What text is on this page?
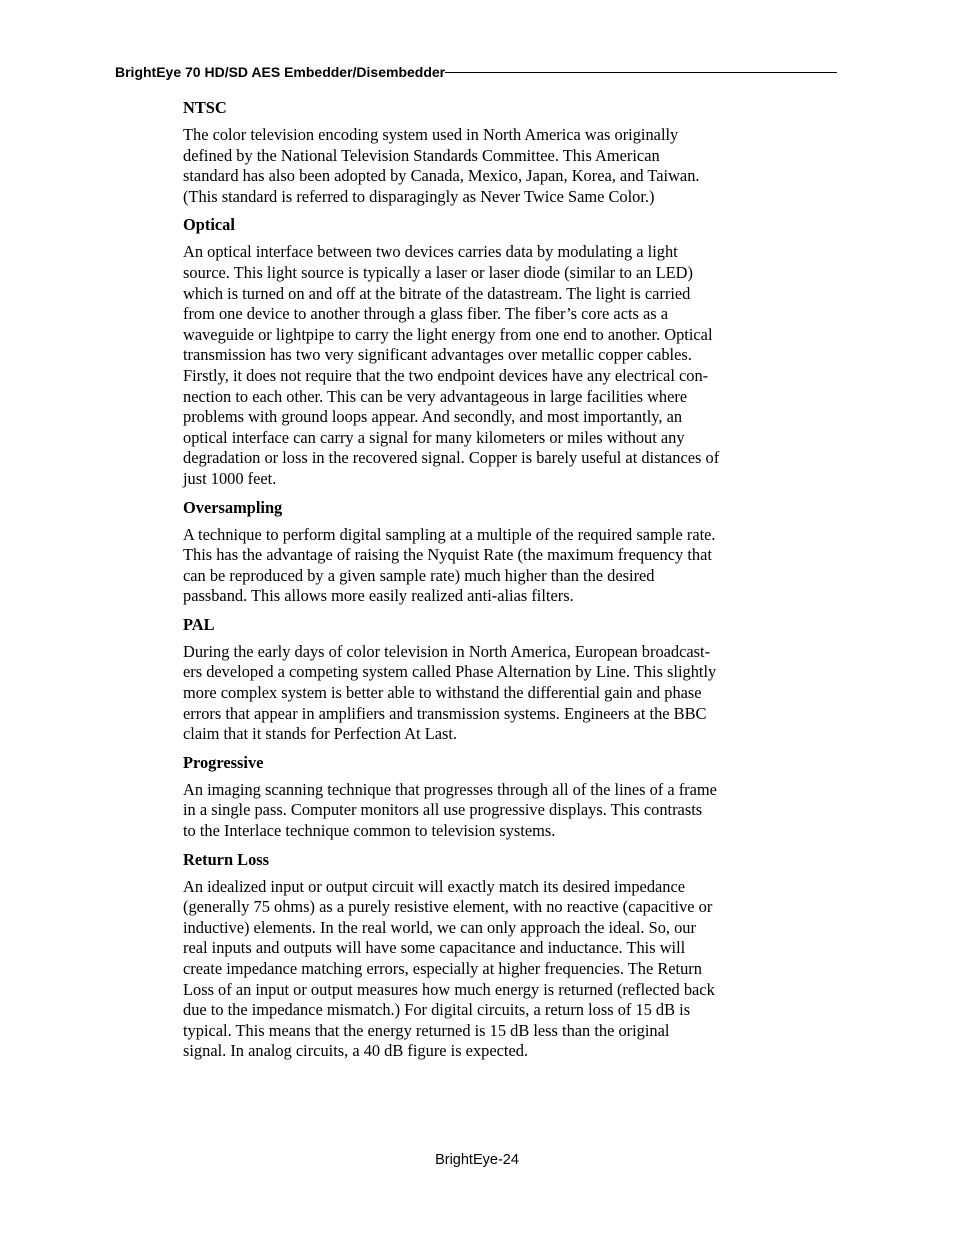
BrightEye 70 HD/SD AES Embedder/Disembedder
NTSC
The color television encoding system used in North America was originally
defined by the National Television Standards Committee. This American
standard has also been adopted by Canada, Mexico, Japan, Korea, and Taiwan.
(This standard is referred to disparagingly as Never Twice Same Color.)
Optical
An optical interface between two devices carries data by modulating a light
source. This light source is typically a laser or laser diode (similar to an LED)
which is turned on and off at the bitrate of the datastream. The light is carried
from one device to another through a glass fiber. The fiber’s core acts as a
waveguide or lightpipe to carry the light energy from one end to another. Optical
transmission has two very significant advantages over metallic copper cables.
Firstly, it does not require that the two endpoint devices have any electrical con-
nection to each other. This can be very advantageous in large facilities where
problems with ground loops appear. And secondly, and most importantly, an
optical interface can carry a signal for many kilometers or miles without any
degradation or loss in the recovered signal. Copper is barely useful at distances of
just 1000 feet.
Oversampling
A technique to perform digital sampling at a multiple of the required sample rate.
This has the advantage of raising the Nyquist Rate (the maximum frequency that
can be reproduced by a given sample rate) much higher than the desired
passband. This allows more easily realized anti-alias filters.
PAL
During the early days of color television in North America, European broadcast-
ers developed a competing system called Phase Alternation by Line. This slightly
more complex system is better able to withstand the differential gain and phase
errors that appear in amplifiers and transmission systems. Engineers at the BBC
claim that it stands for Perfection At Last.
Progressive
An imaging scanning technique that progresses through all of the lines of a frame
in a single pass. Computer monitors all use progressive displays. This contrasts
to the Interlace technique common to television systems.
Return Loss
An idealized input or output circuit will exactly match its desired impedance
(generally 75 ohms) as a purely resistive element, with no reactive (capacitive or
inductive) elements. In the real world, we can only approach the ideal. So, our
real inputs and outputs will have some capacitance and inductance. This will
create impedance matching errors, especially at higher frequencies. The Return
Loss of an input or output measures how much energy is returned (reflected back
due to the impedance mismatch.) For digital circuits, a return loss of 15 dB is
typical. This means that the energy returned is 15 dB less than the original
signal. In analog circuits, a 40 dB figure is expected.
BrightEye-24
